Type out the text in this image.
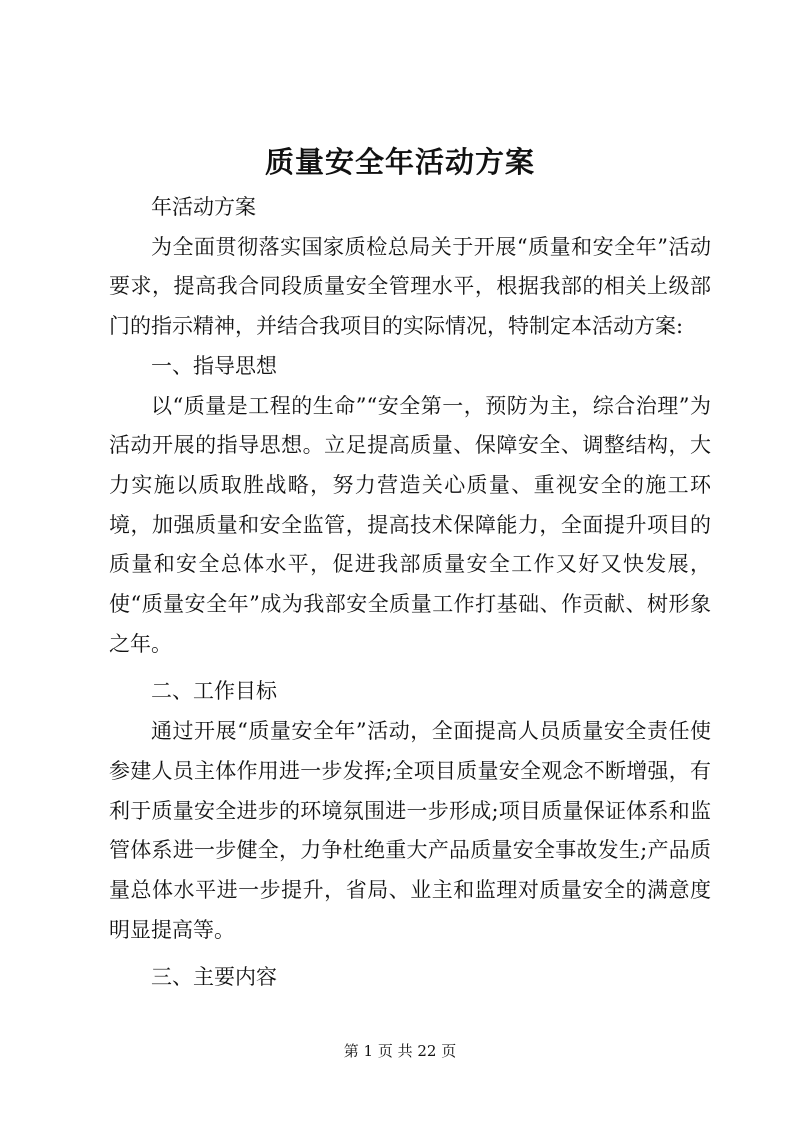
质量安全年活动方案

年活动方案

为全面贯彻落实国家质检总局关于开展“质量和安全年”活动要求，提高我合同段质量安全管理水平，根据我部的相关上级部门的指示精神，并结合我项目的实际情况，特制定本活动方案:

一、指导思想

以“质量是工程的生命”“安全第一，预防为主，综合治理”为活动开展的指导思想。立足提高质量、保障安全、调整结构，大力实施以质取胜战略，努力营造关心质量、重视安全的施工环境，加强质量和安全监管，提高技术保障能力，全面提升项目的质量和安全总体水平，促进我部质量安全工作又好又快发展，使“质量安全年”成为我部安全质量工作打基础、作贡献、树形象之年。

二、工作目标

通过开展“质量安全年”活动，全面提高人员质量安全责任使参建人员主体作用进一步发挥;全项目质量安全观念不断增强，有利于质量安全进步的环境氛围进一步形成;项目质量保证体系和监管体系进一步健全，力争杜绝重大产品质量安全事故发生;产品质量总体水平进一步提升，省局、业主和监理对质量安全的满意度明显提高等。

三、主要内容

第 1 页 共 22 页
